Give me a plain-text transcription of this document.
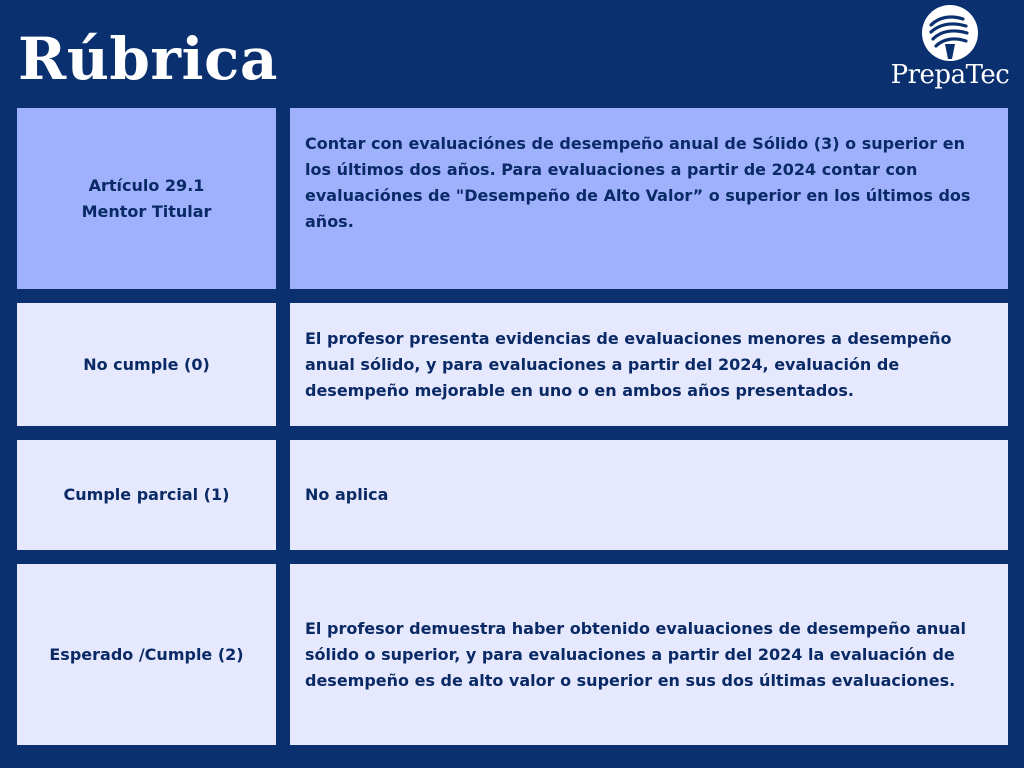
Rúbrica	PrepaTec
Artículo 29.1
Mentor Titular
Contar con evaluaciónes de desempeño anual de Sólido (3) o superior en los últimos dos años. Para evaluaciones a partir de 2024 contar con evaluaciónes de "Desempeño de Alto Valor” o superior en los últimos dos años.
No cumple (0)
El profesor presenta evidencias de evaluaciones menores a desempeño anual sólido, y para evaluaciones a partir del 2024, evaluación de desempeño mejorable en uno o en ambos años presentados.
Cumple parcial (1)	No aplica
Esperado /Cumple (2)
El profesor demuestra haber obtenido evaluaciones de desempeño anual sólido o superior, y para evaluaciones a partir del 2024 la evaluación de desempeño es de alto valor o superior en sus dos últimas evaluaciones.
